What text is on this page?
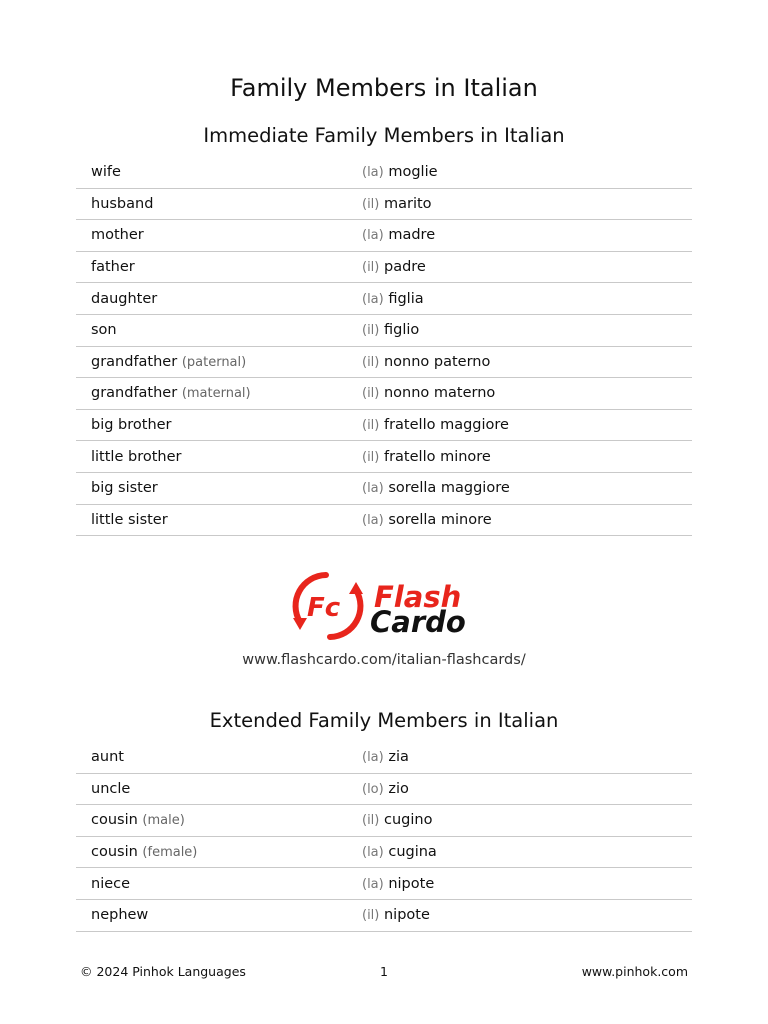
Family Members in Italian
Immediate Family Members in Italian
wife	(la) moglie
husband	(il) marito
mother	(la) madre
father	(il) padre
daughter	(la) figlia
son	(il) figlio
grandfather (paternal)	(il) nonno paterno
grandfather (maternal)	(il) nonno materno
big brother	(il) fratello maggiore
little brother	(il) fratello minore
big sister	(la) sorella maggiore
little sister	(la) sorella minore
Fc Flash
Cardo
www.flashcardo.com/italian-flashcards/
Extended Family Members in Italian
aunt	(la) zia
uncle	(lo) zio
cousin (male)	(il) cugino
cousin (female)	(la) cugina
niece	(la) nipote
nephew	(il) nipote
© 2024 Pinhok Languages	1	www.pinhok.com
